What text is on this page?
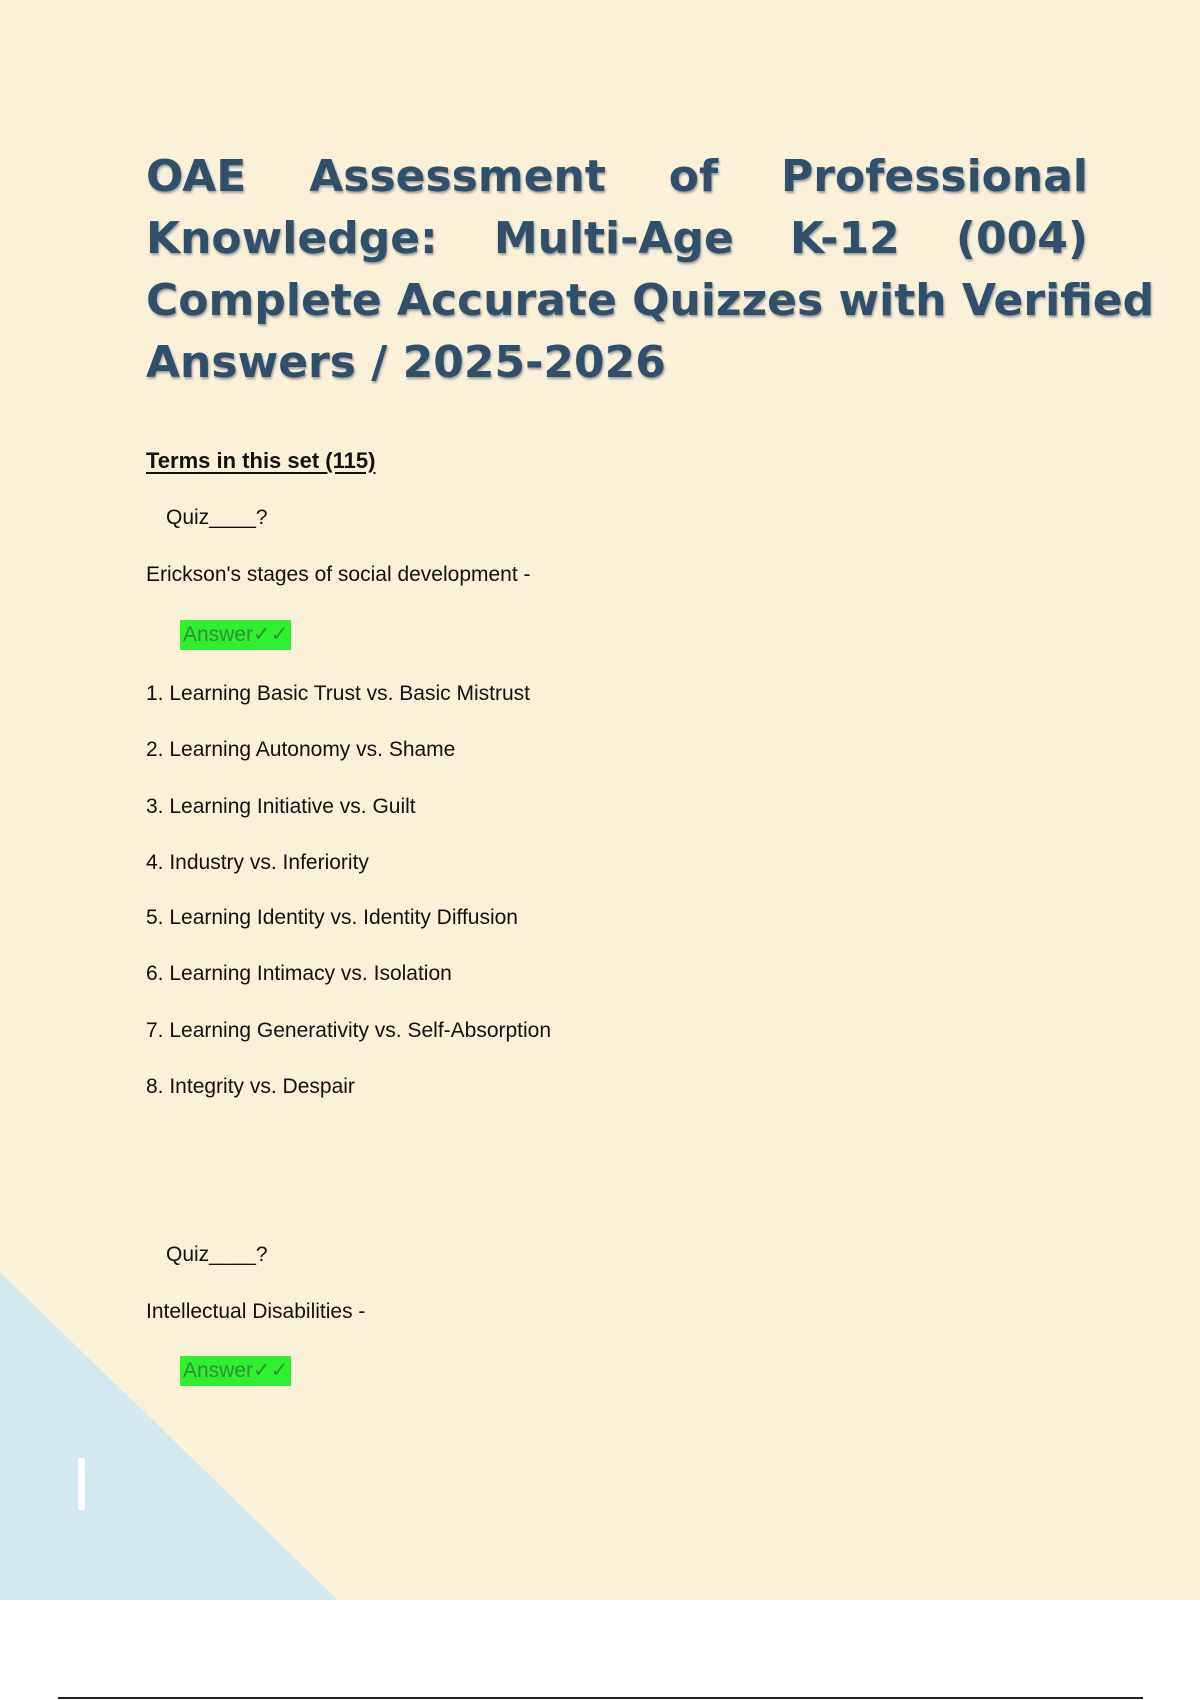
OAE Assessment of Professional
Knowledge: Multi-Age K-12 (004)
Complete Accurate Quizzes with Verified
Answers / 2025-2026
Terms in this set (115)
Quiz____?
Erickson's stages of social development -
Answer✓✓
1. Learning Basic Trust vs. Basic Mistrust
2. Learning Autonomy vs. Shame
3. Learning Initiative vs. Guilt
4. Industry vs. Inferiority
5. Learning Identity vs. Identity Diffusion
6. Learning Intimacy vs. Isolation
7. Learning Generativity vs. Self-Absorption
8. Integrity vs. Despair
Quiz____?
Intellectual Disabilities -
Answer✓✓
